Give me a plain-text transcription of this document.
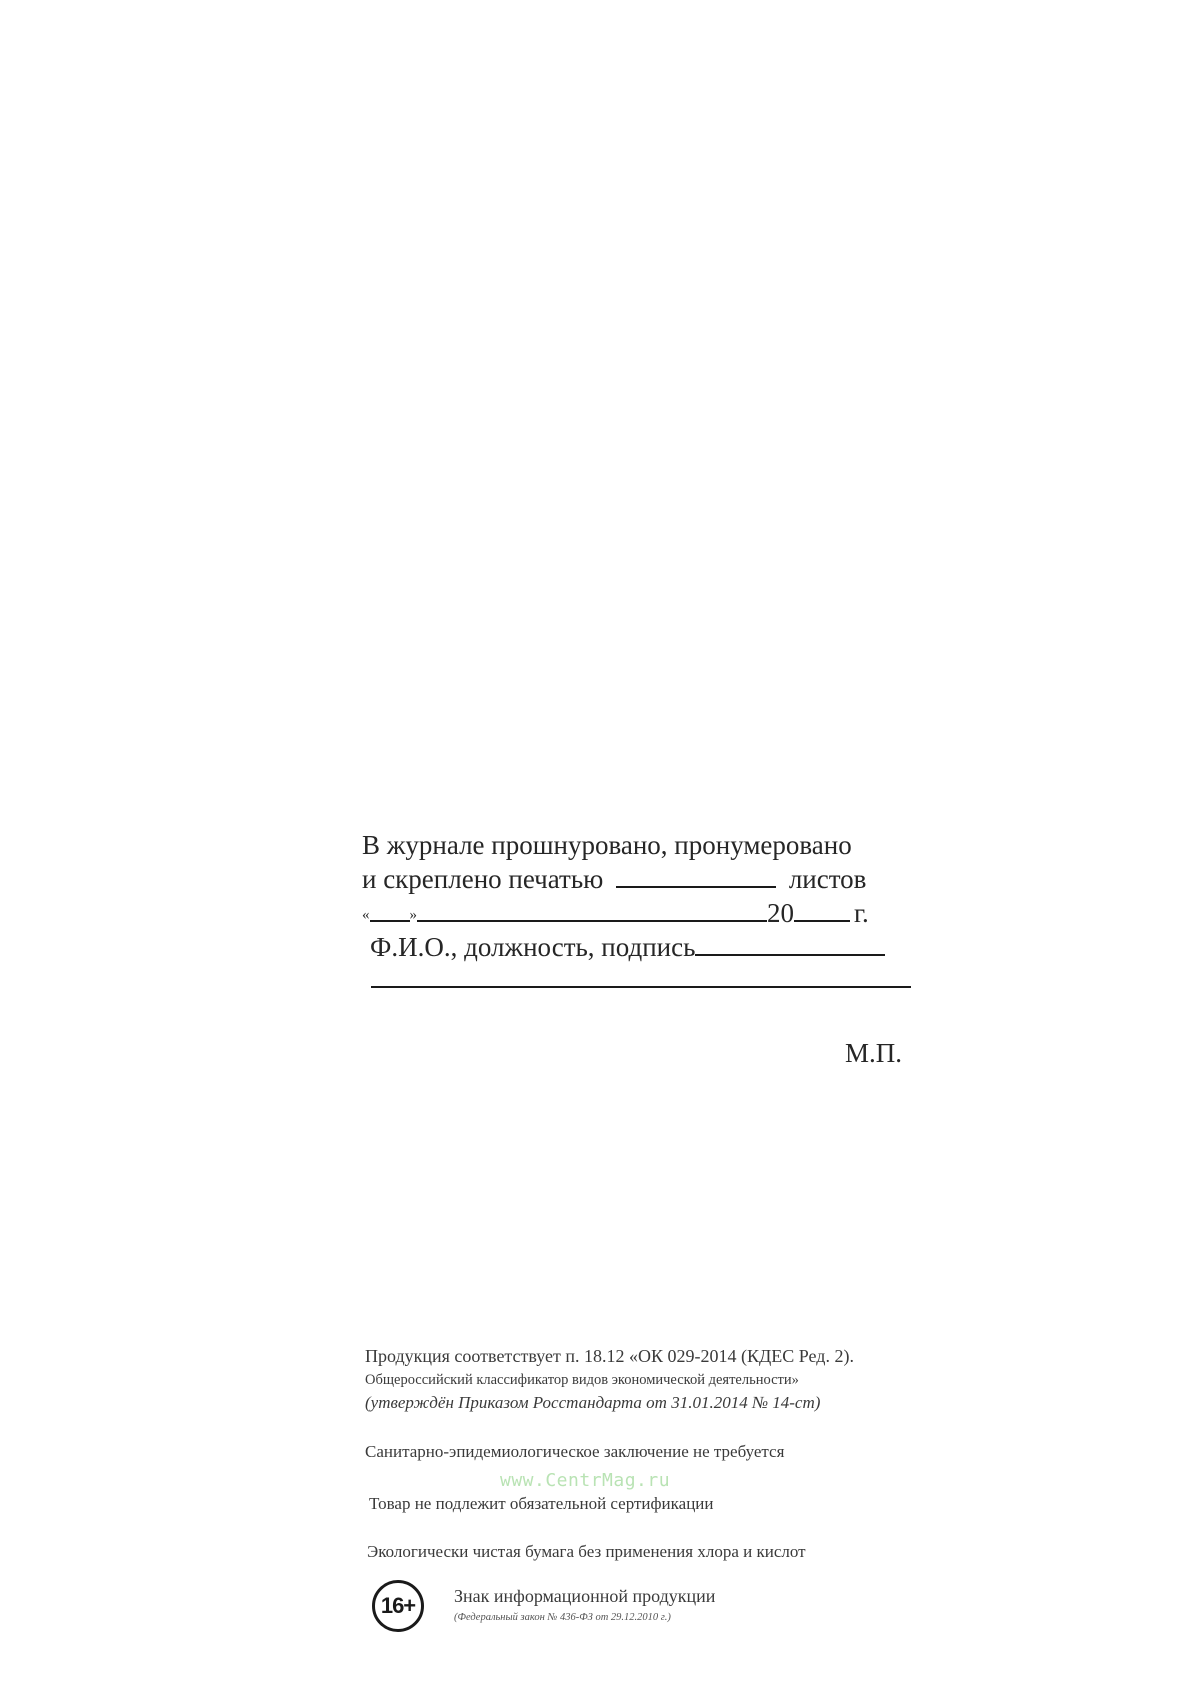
В журнале прошнуровано, пронумеровано
и скреплено печатью	листов
«	»	20 г.
Ф.И.О., должность, подпись
М.П.
Продукция соответствует п. 18.12 «ОК 029-2014 (КДЕС Ред. 2).
Общероссийский классификатор видов экономической деятельности»
(утверждён Приказом Росстандарта от 31.01.2014 № 14-ст)
Санитарно-эпидемиологическое заключение не требуется
Товар не подлежит обязательной сертификации
Экологически чистая бумага без применения хлора и кислот
www.CentrMag.ru
16+	Знак информационной продукции
(Федеральный закон № 436-ФЗ от 29.12.2010 г.)
